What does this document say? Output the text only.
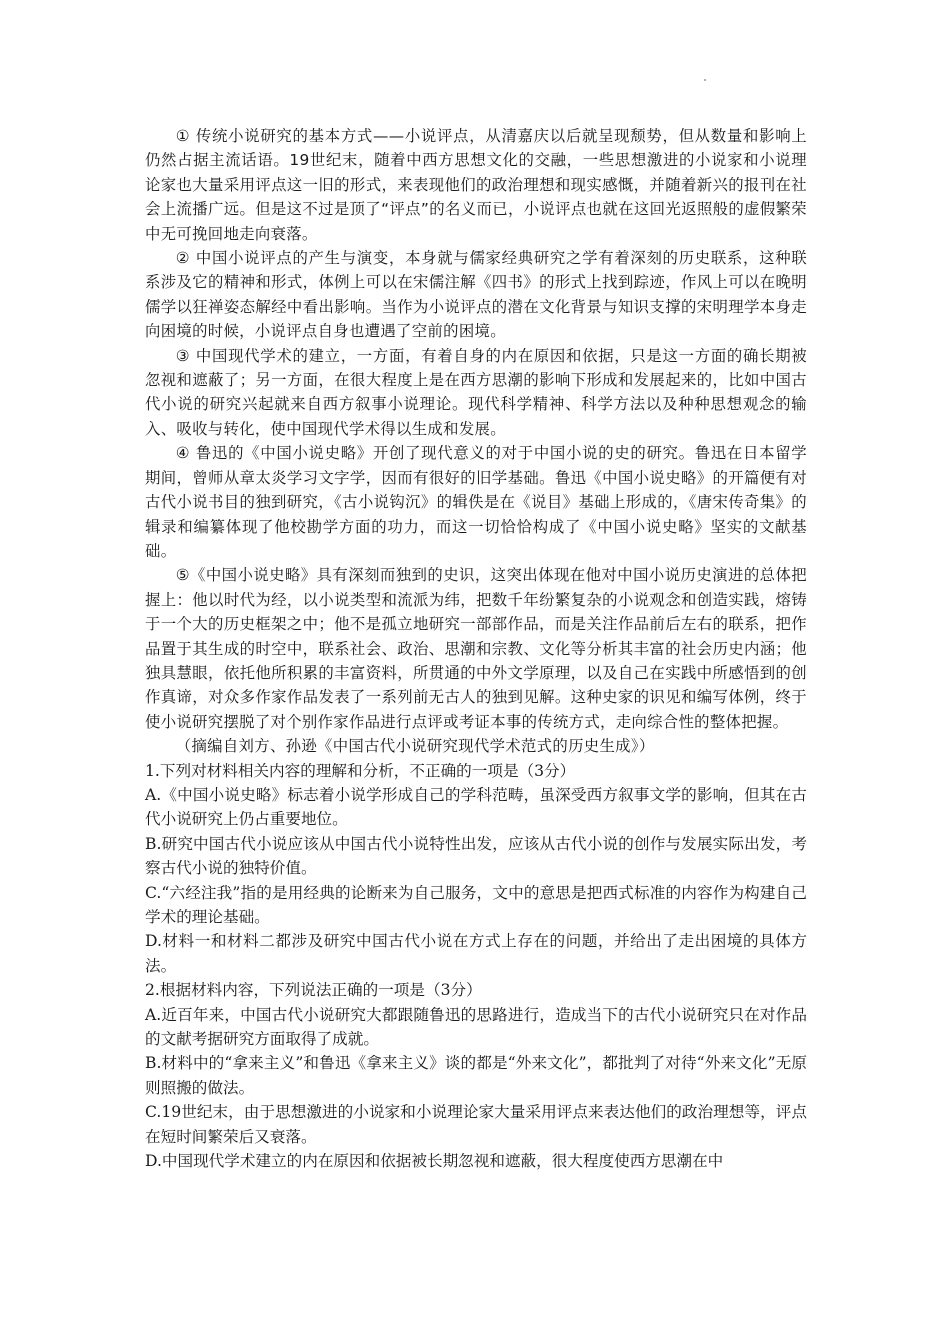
① 传统小说研究的基本方式——小说评点，从清嘉庆以后就呈现颓势，但从数量和影响上仍然占据主流话语。19世纪末，随着中西方思想文化的交融，一些思想激进的小说家和小说理论家也大量采用评点这一旧的形式，来表现他们的政治理想和现实感慨，并随着新兴的报刊在社会上流播广远。但是这不过是顶了“评点”的名义而已，小说评点也就在这回光返照般的虚假繁荣中无可挽回地走向衰落。

② 中国小说评点的产生与演变，本身就与儒家经典研究之学有着深刻的历史联系，这种联系涉及它的精神和形式，体例上可以在宋儒注解《四书》的形式上找到踪迹，作风上可以在晚明儒学以狂禅姿态解经中看出影响。当作为小说评点的潜在文化背景与知识支撑的宋明理学本身走向困境的时候，小说评点自身也遭遇了空前的困境。

③ 中国现代学术的建立，一方面，有着自身的内在原因和依据，只是这一方面的确长期被忽视和遮蔽了；另一方面，在很大程度上是在西方思潮的影响下形成和发展起来的，比如中国古代小说的研究兴起就来自西方叙事小说理论。现代科学精神、科学方法以及种种思想观念的输入、吸收与转化，使中国现代学术得以生成和发展。

④ 鲁迅的《中国小说史略》开创了现代意义的对于中国小说的史的研究。鲁迅在日本留学期间，曾师从章太炎学习文字学，因而有很好的旧学基础。鲁迅《中国小说史略》的开篇便有对古代小说书目的独到研究，《古小说钩沉》的辑佚是在《说目》基础上形成的，《唐宋传奇集》的辑录和编纂体现了他校勘学方面的功力，而这一切恰恰构成了《中国小说史略》坚实的文献基础。

⑤《中国小说史略》具有深刻而独到的史识，这突出体现在他对中国小说历史演进的总体把握上：他以时代为经，以小说类型和流派为纬，把数千年纷繁复杂的小说观念和创造实践，熔铸于一个大的历史框架之中；他不是孤立地研究一部部作品，而是关注作品前后左右的联系，把作品置于其生成的时空中，联系社会、政治、思潮和宗教、文化等分析其丰富的社会历史内涵；他独具慧眼，依托他所积累的丰富资料，所贯通的中外文学原理，以及自己在实践中所感悟到的创作真谛，对众多作家作品发表了一系列前无古人的独到见解。这种史家的识见和编写体例，终于使小说研究摆脱了对个别作家作品进行点评或考证本事的传统方式，走向综合性的整体把握。

（摘编自刘方、孙逊《中国古代小说研究现代学术范式的历史生成》）

1.下列对材料相关内容的理解和分析，不正确的一项是（3分）

A.《中国小说史略》标志着小说学形成自己的学科范畴，虽深受西方叙事文学的影响，但其在古代小说研究上仍占重要地位。

B.研究中国古代小说应该从中国古代小说特性出发，应该从古代小说的创作与发展实际出发，考察古代小说的独特价值。

C.“六经注我”指的是用经典的论断来为自己服务，文中的意思是把西式标准的内容作为构建自己学术的理论基础。

D.材料一和材料二都涉及研究中国古代小说在方式上存在的问题，并给出了走出困境的具体方法。

2.根据材料内容，下列说法正确的一项是（3分）

A.近百年来，中国古代小说研究大都跟随鲁迅的思路进行，造成当下的古代小说研究只在对作品的文献考据研究方面取得了成就。

B.材料中的“拿来主义”和鲁迅《拿来主义》谈的都是“外来文化”，都批判了对待“外来文化”无原则照搬的做法。

C.19世纪末，由于思想激进的小说家和小说理论家大量采用评点来表达他们的政治理想等，评点在短时间繁荣后又衰落。

D.中国现代学术建立的内在原因和依据被长期忽视和遮蔽，很大程度使西方思潮在中
